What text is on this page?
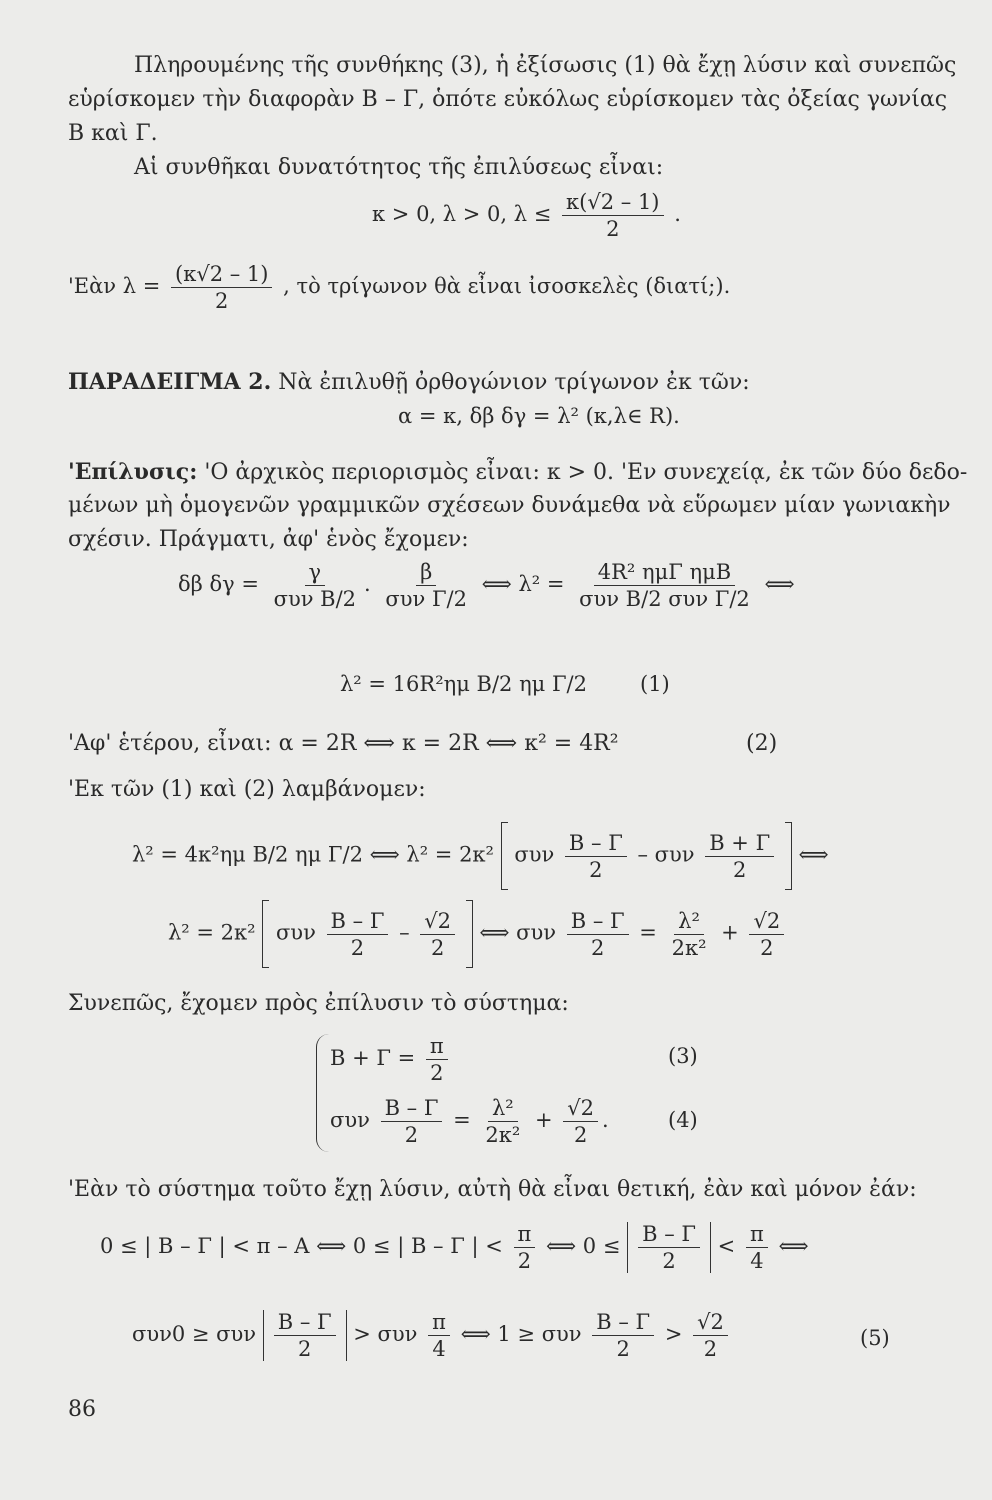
Πληρουμένης τῆς συνθήκης (3), ἡ ἐξίσωσις (1) θὰ ἔχῃ λύσιν καὶ συνεπῶς
εὑρίσκομεν τὴν διαφορὰν Β – Γ, ὁπότε εὐκόλως εὑρίσκομεν τὰς ὀξείας γωνίας
Β καὶ Γ.
Αἱ συνθῆκαι δυνατότητος τῆς ἐπιλύσεως εἶναι:
κ > 0, λ > 0, $\lambda \le \frac{\kappa(√2 - 1)}{2}$ .
'Εὰν $\lambda = \frac{(\kappa√2 - 1)}{2}$ , τὸ τρίγωνον θὰ εἶναι ἰσοσκελὲς (διατί;).
ΠΑΡΑΔΕΙΓΜΑ 2. Νὰ ἐπιλυθῇ ὀρθογώνιον τρίγωνον ἐκ τῶν:
α = κ, δβ δγ = λ² (κ,λ∈ R).
'Επίλυσις: 'Ο ἀρχικὸς περιορισμὸς εἶναι: κ > 0. 'Εν συνεχείᾳ, ἐκ τῶν δύο δεδο-
μένων μὴ ὁμογενῶν γραμμικῶν σχέσεων δυνάμεθα νὰ εὕρωμεν μίαν γωνιακὴν
σχέσιν. Πράγματι, ἀφ' ἑνὸς ἔχομεν:
δβ $\delta\gamma = \frac{\gamma}{\text{συν B/2}}$ . $\frac{\beta}{\text{συν Γ/2}}$ ⟺ $\lambda^2 = \frac{\text{4R² ημΓ ημΒ}}{\text{συν B/2 συν Γ/2}}$ ⟺
λ² = 16R²ημ B/2 ημ Γ/2	(1)
'Αφ' ἑτέρου, εἶναι: α = 2R ⟺ κ = 2R ⟺ κ² = 4R²	(2)
'Εκ τῶν (1) καὶ (2) λαμβάνομεν:
λ² = 4κ²ημ B/2 ημ Γ/2 ⟺ λ² = 2κ² συν $\frac{B - \Gamma}{2}$ – συν $\frac{B + \Gamma}{2}$ ⟺
λ² = 2κ² συν $\frac{B - \Gamma}{2} - \frac{√2}{2}$ ⟺ συν $\frac{B - \Gamma}{2} = \frac{\text{λ²}}{\text{2κ²}} + \frac{√2}{2}$
Συνεπῶς, ἔχομεν πρὸς ἐπίλυσιν τὸ σύστημα:
$B + \Gamma = \frac{\pi}{2}$	(3)
συν $\frac{B - \Gamma}{2} = \frac{\text{λ²}}{\text{2κ²}} + \frac{√2}{2}$ .	(4)
'Εὰν τὸ σύστημα τοῦτο ἔχῃ λύσιν, αὐτὴ θὰ εἶναι θετική, ἐὰν καὶ μόνον ἐάν:
0 ≤ | Β – Γ | < π – Α ⟺ 0 ≤ | Β – Γ | < $\frac{\pi}{2}$ ⟺ $0 \le \frac{B - \Gamma}{2} < \frac{\pi}{4}$ ⟺
συν0 ≥ συν $\frac{B - \Gamma}{2} > \sigma\upsilon\nu \frac{\pi}{4}$ ⟺ 1 ≥ συν $\frac{B - \Gamma}{2} > \frac{√2}{2}$	(5)
86
